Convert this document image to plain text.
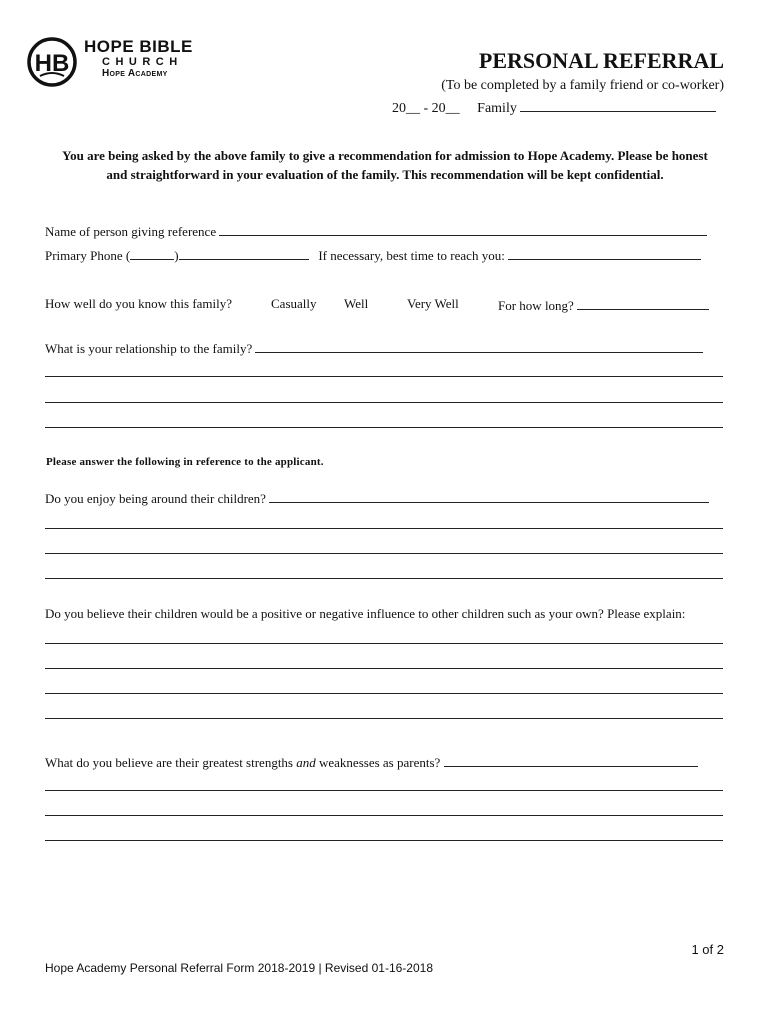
HB
HOPE BIBLE
CHURCH
Hope Academy
PERSONAL REFERRAL
(To be completed by a family friend or co-worker)
20__ - 20__ Family
You are being asked by the above family to give a recommendation for admission to Hope Academy. Please be honest and straightforward in your evaluation of the family. This recommendation will be kept confidential.
Name of person giving reference
Primary Phone (	)	If necessary, best time to reach you:
How well do you know this family?	Casually Well	Very Well	For how long?
What is your relationship to the family?
Please answer the following in reference to the applicant.
Do you enjoy being around their children?
Do you believe their children would be a positive or negative influence to other children such as your own? Please explain:
What do you believe are their greatest strengths and weaknesses as parents?
1 of 2
Hope Academy Personal Referral Form 2018-2019 | Revised 01-16-2018
